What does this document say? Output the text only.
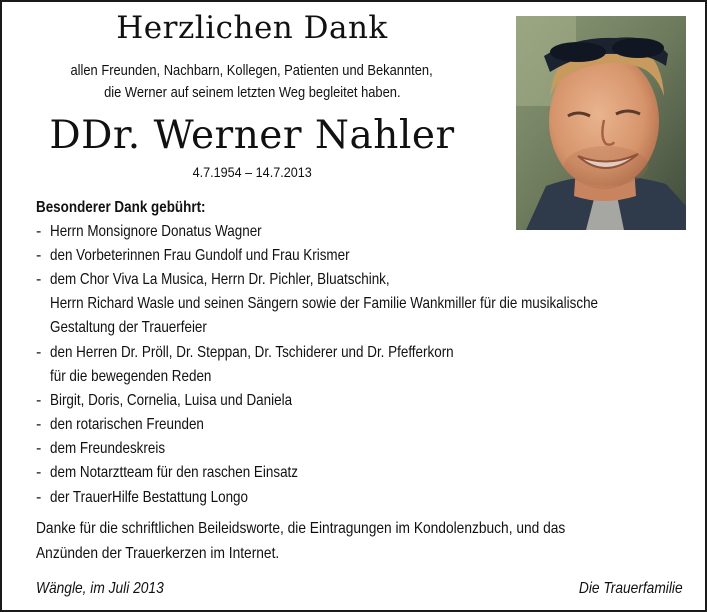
Herzlichen Dank
allen Freunden, Nachbarn, Kollegen, Patienten und Bekannten,
die Werner auf seinem letzten Weg begleitet haben.
DDr. Werner Nahler
4.7.1954 – 14.7.2013
Besonderer Dank gebührt:
- Herrn Monsignore Donatus Wagner
- den Vorbeterinnen Frau Gundolf und Frau Krismer
- dem Chor Viva La Musica, Herrn Dr. Pichler, Bluatschink,
Herrn Richard Wasle und seinen Sängern sowie der Familie Wankmiller für die musikalische
Gestaltung der Trauerfeier
- den Herren Dr. Pröll, Dr. Steppan, Dr. Tschiderer und Dr. Pfefferkorn
für die bewegenden Reden
- Birgit, Doris, Cornelia, Luisa und Daniela
- den rotarischen Freunden
- dem Freundeskreis
- dem Notarztteam für den raschen Einsatz
- der TrauerHilfe Bestattung Longo
Danke für die schriftlichen Beileidsworte, die Eintragungen im Kondolenzbuch, und das
Anzünden der Trauerkerzen im Internet.
Wängle, im Juli 2013	Die Trauerfamilie
